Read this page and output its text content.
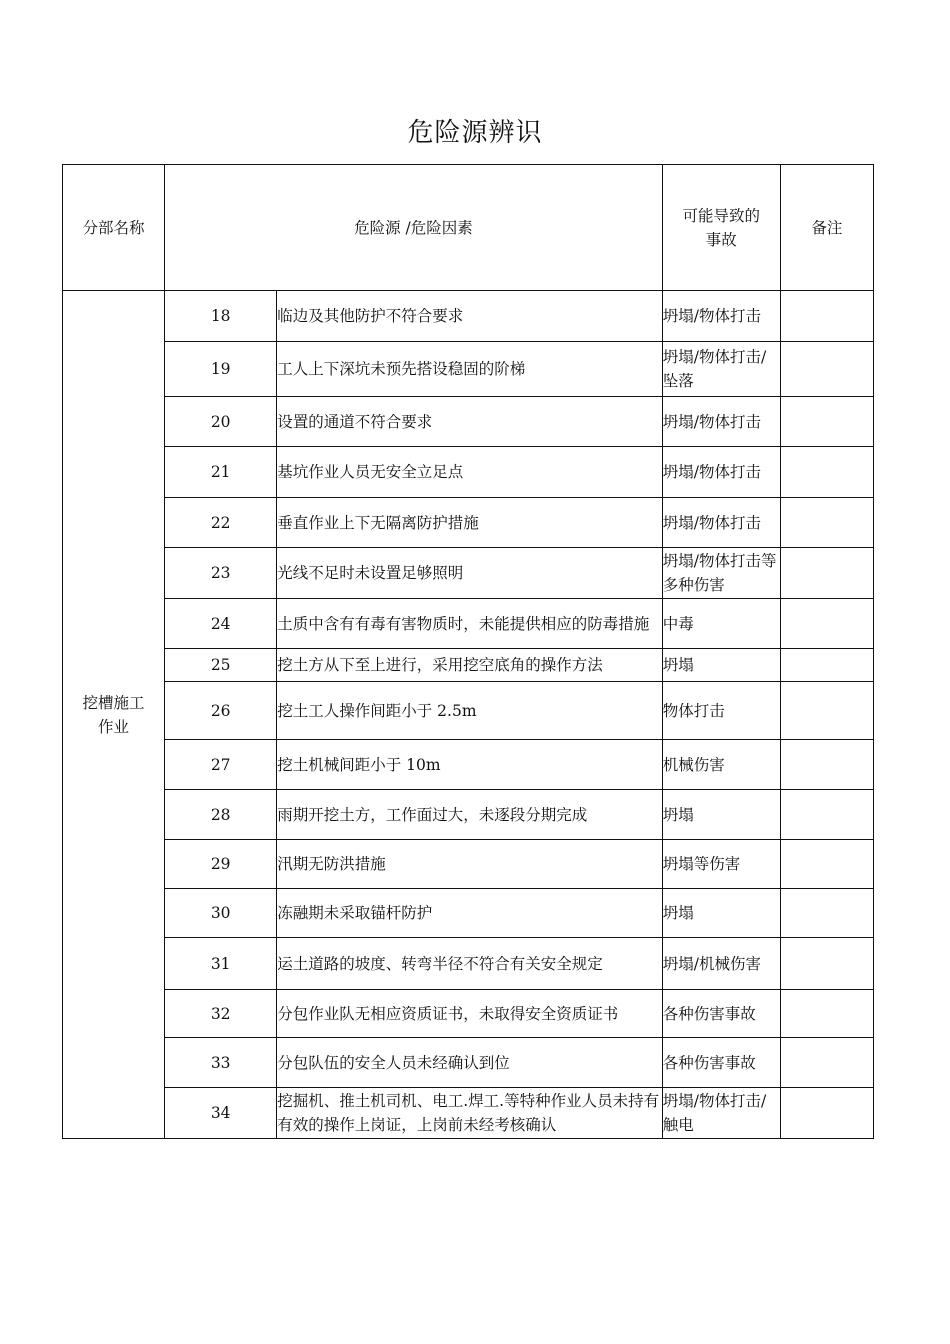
危险源辨识
分部名称	危险源 /危险因素		可能导致的事故	备注
挖槽施工作业	18	临边及其他防护不符合要求	坍塌/物体打击	
	19	工人上下深坑未预先搭设稳固的阶梯	坍塌/物体打击/坠落	
	20	设置的通道不符合要求	坍塌/物体打击	
	21	基坑作业人员无安全立足点	坍塌/物体打击	
	22	垂直作业上下无隔离防护措施	坍塌/物体打击	
	23	光线不足时未设置足够照明	坍塌/物体打击等多种伤害	
	24	土质中含有有毒有害物质时，未能提供相应的防毒措施	中毒	
	25	挖土方从下至上进行，采用挖空底角的操作方法	坍塌	
	26	挖土工人操作间距小于 2.5m	物体打击	
	27	挖土机械间距小于 10m	机械伤害	
	28	雨期开挖土方，工作面过大，未逐段分期完成	坍塌	
	29	汛期无防洪措施	坍塌等伤害	
	30	冻融期未采取锚杆防护	坍塌	
	31	运土道路的坡度、转弯半径不符合有关安全规定	坍塌/机械伤害	
	32	分包作业队无相应资质证书，未取得安全资质证书	各种伤害事故	
	33	分包队伍的安全人员未经确认到位	各种伤害事故	
	34	挖掘机、推土机司机、电工.焊工.等特种作业人员未持有有效的操作上岗证，上岗前未经考核确认	坍塌/物体打击/触电	
